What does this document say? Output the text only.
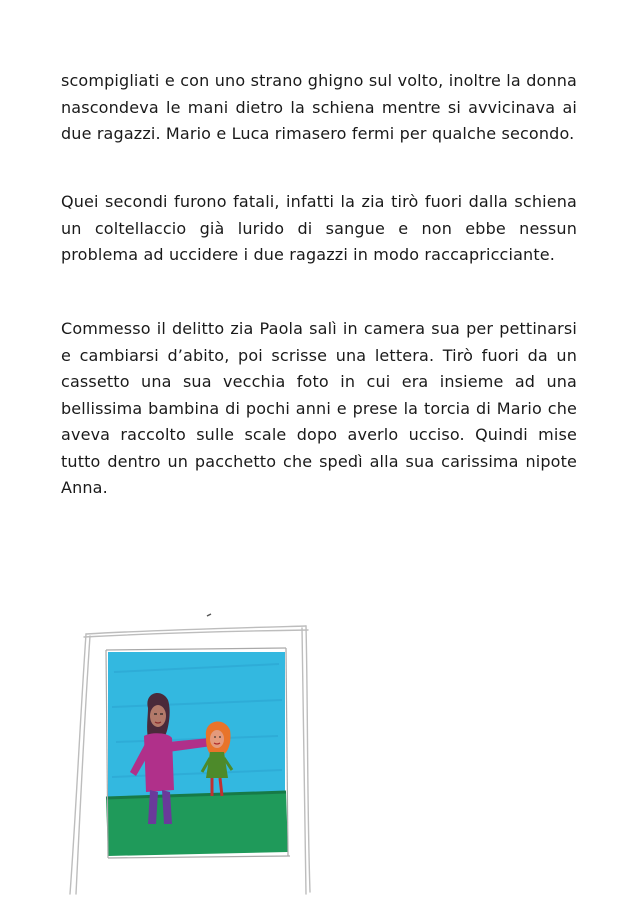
scompigliati e con uno strano ghigno sul volto, inoltre la donna nascondeva le mani dietro la schiena mentre si avvicinava ai due ragazzi. Mario e Luca rimasero fermi per qualche secondo.

Quei secondi furono fatali, infatti la zia tirò fuori dalla schiena un coltellaccio già lurido di sangue e non ebbe nessun problema ad uccidere i due ragazzi in modo raccapricciante.

Commesso il delitto zia Paola salì in camera sua per pettinarsi e cambiarsi d’abito, poi scrisse una lettera. Tirò fuori da un cassetto una sua vecchia foto in cui era insieme ad una bellissima bambina di pochi anni e prese la torcia di Mario che aveva raccolto sulle scale dopo averlo ucciso. Quindi mise tutto dentro un pacchetto che spedì alla sua carissima nipote Anna.
